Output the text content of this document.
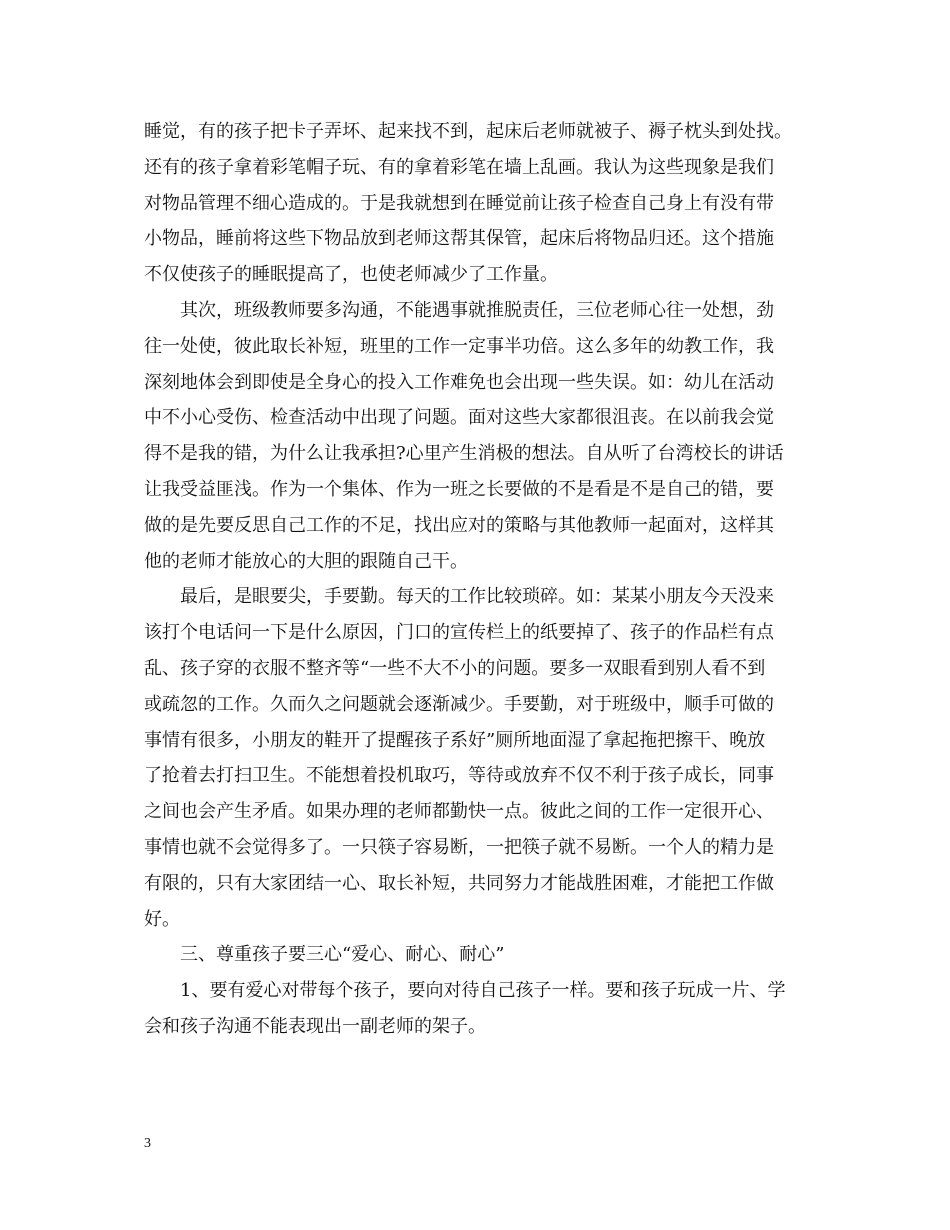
睡觉，有的孩子把卡子弄坏、起来找不到，起床后老师就被子、褥子枕头到处找。
还有的孩子拿着彩笔帽子玩、有的拿着彩笔在墙上乱画。我认为这些现象是我们
对物品管理不细心造成的。于是我就想到在睡觉前让孩子检查自己身上有没有带
小物品，睡前将这些下物品放到老师这帮其保管，起床后将物品归还。这个措施
不仅使孩子的睡眠提高了，也使老师减少了工作量。
其次，班级教师要多沟通，不能遇事就推脱责任，三位老师心往一处想，劲
往一处使，彼此取长补短，班里的工作一定事半功倍。这么多年的幼教工作，我
深刻地体会到即使是全身心的投入工作难免也会出现一些失误。如：幼儿在活动
中不小心受伤、检查活动中出现了问题。面对这些大家都很沮丧。在以前我会觉
得不是我的错，为什么让我承担?心里产生消极的想法。自从听了台湾校长的讲话
让我受益匪浅。作为一个集体、作为一班之长要做的不是看是不是自己的错，要
做的是先要反思自己工作的不足，找出应对的策略与其他教师一起面对，这样其
他的老师才能放心的大胆的跟随自己干。
最后，是眼要尖，手要勤。每天的工作比较琐碎。如：某某小朋友今天没来
该打个电话问一下是什么原因，门口的宣传栏上的纸要掉了、孩子的作品栏有点
乱、孩子穿的衣服不整齐等“一些不大不小的问题。要多一双眼看到别人看不到
或疏忽的工作。久而久之问题就会逐渐减少。手要勤，对于班级中，顺手可做的
事情有很多，小朋友的鞋开了提醒孩子系好”厕所地面湿了拿起拖把擦干、晚放
了抢着去打扫卫生。不能想着投机取巧，等待或放弃不仅不利于孩子成长，同事
之间也会产生矛盾。如果办理的老师都勤快一点。彼此之间的工作一定很开心、
事情也就不会觉得多了。一只筷子容易断，一把筷子就不易断。一个人的精力是
有限的，只有大家团结一心、取长补短，共同努力才能战胜困难，才能把工作做
好。
三、尊重孩子要三心“爱心、耐心、耐心”
1、要有爱心对带每个孩子，要向对待自己孩子一样。要和孩子玩成一片、学
会和孩子沟通不能表现出一副老师的架子。
3
